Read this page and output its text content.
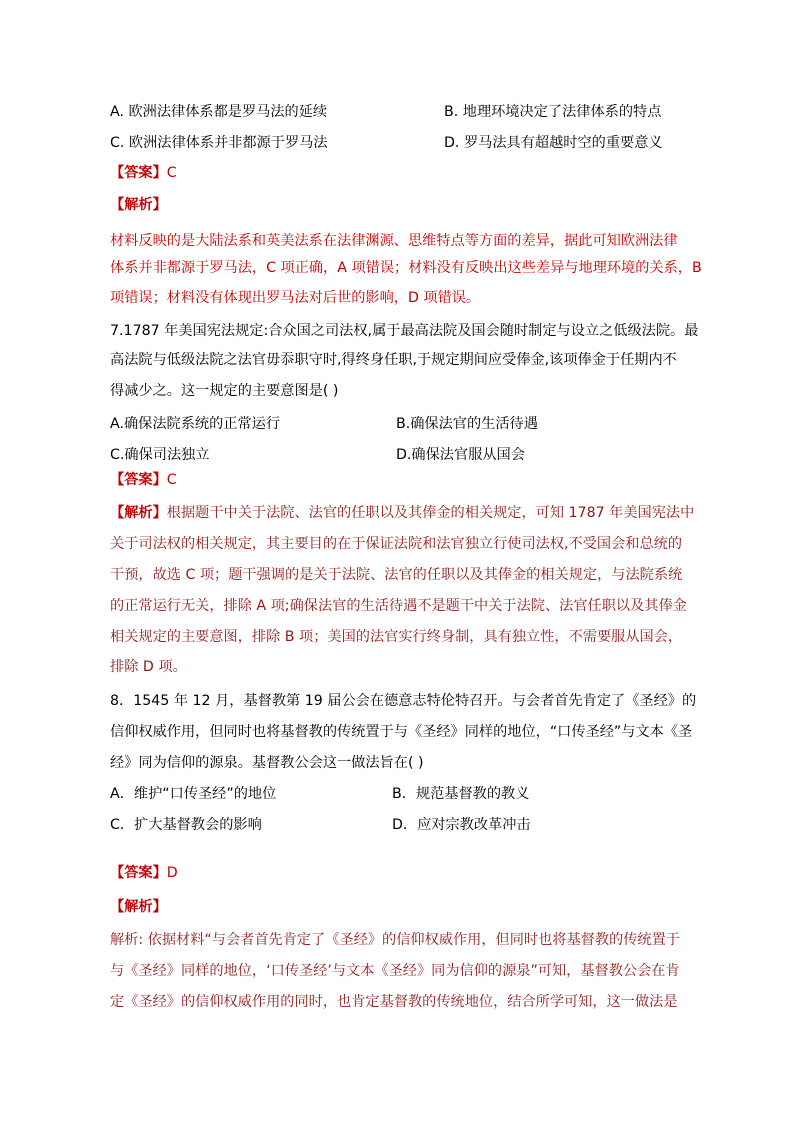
A. 欧洲法律体系都是罗马法的延续	B. 地理环境决定了法律体系的特点
C. 欧洲法律体系并非都源于罗马法	D. 罗马法具有超越时空的重要意义
【答案】C
【解析】
材料反映的是大陆法系和英美法系在法律渊源、思维特点等方面的差异，据此可知欧洲法律
体系并非都源于罗马法，C 项正确，A 项错误；材料没有反映出这些差异与地理环境的关系，B
项错误；材料没有体现出罗马法对后世的影响，D 项错误。
7.1787 年美国宪法规定:合众国之司法权,属于最高法院及国会随时制定与设立之低级法院。最
高法院与低级法院之法官毋忝职守时,得终身任职,于规定期间应受俸金,该项俸金于任期内不
得减少之。这一规定的主要意图是( )
A.确保法院系统的正常运行	B.确保法官的生活待遇
C.确保司法独立	D.确保法官服从国会
【答案】C
【解析】根据题干中关于法院、法官的任职以及其俸金的相关规定，可知 1787 年美国宪法中
关于司法权的相关规定，其主要目的在于保证法院和法官独立行使司法权,不受国会和总统的
干预，故选 C 项；题干强调的是关于法院、法官的任职以及其俸金的相关规定，与法院系统
的正常运行无关，排除 A 项;确保法官的生活待遇不是题干中关于法院、法官任职以及其俸金
相关规定的主要意图，排除 B 项；美国的法官实行终身制，具有独立性，不需要服从国会，
排除 D 项。
8．1545 年 12 月，基督教第 19 届公会在德意志特伦特召开。与会者首先肯定了《圣经》的
信仰权威作用，但同时也将基督教的传统置于与《圣经》同样的地位，“口传圣经”与文本《圣
经》同为信仰的源泉。基督教公会这一做法旨在( )
A．维护“口传圣经”的地位	B．规范基督教的教义
C．扩大基督教会的影响	D．应对宗教改革冲击
【答案】D
【解析】
解析: 依据材料“与会者首先肯定了《圣经》的信仰权威作用，但同时也将基督教的传统置于
与《圣经》同样的地位，‘口传圣经’与文本《圣经》同为信仰的源泉”可知，基督教公会在肯
定《圣经》的信仰权威作用的同时，也肯定基督教的传统地位，结合所学可知，这一做法是
